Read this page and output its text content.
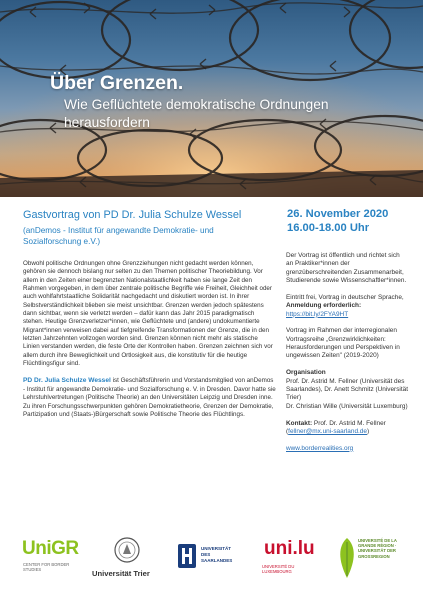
Über Grenzen.
Wie Geflüchtete demokratische Ordnungen herausfordern
Gastvortrag von PD Dr. Julia Schulze Wessel
(anDemos - Institut für angewandte Demokratie- und Sozialforschung e.V.)
26. November 2020
16.00-18.00 Uhr

Obwohl politische Ordnungen ohne Grenzziehungen nicht gedacht werden können, gehören sie dennoch bislang nur selten zu den Themen politischer Theoriebildung. Vor allem in den Zeiten einer begrenzten Nationalstaatlichkeit haben sie lange Zeit den Rahmen vorgegeben, in dem über zentrale politische Begriffe wie Freiheit, Gleichheit oder auch wohlfahrtstaatliche Solidarität nachgedacht und diskutiert worden ist. In ihrer Selbstverständlichkeit blieben sie meist unsichtbar. Grenzen werden jedoch spätestens dann sichtbar, wenn sie verletzt werden – dafür kann das Jahr 2015 paradigmatisch stehen. Heutige Grenzverletzer*innen, wie Geflüchtete und (andere) undokumentierte Migrant*innen verweisen dabei auf tiefgreifende Transformationen der Grenze, die in den letzten Jahrzehnten vollzogen worden sind. Grenzen können nicht mehr als statische Linien verstanden werden, die feste Orte der Kontrollen haben. Grenzen zeichnen sich vor allem durch ihre Beweglichkeit und Ortlosigkeit aus, die konstitutiv für die heutige Flüchtlingsfigur sind.

PD Dr. Julia Schulze Wessel ist Geschäftsführerin und Vorstandsmitglied von anDemos - Institut für angewandte Demokratie- und Sozialforschung e. V. in Dresden. Davor hatte sie Lehrstuhlvertretungen (Politische Theorie) an den Universitäten Leipzig und Dresden inne. Zu ihren Forschungsschwerpunkten gehören Demokratietheorie, Grenzen der Demokratie, Partizipation und (Staats-)Bürgerschaft sowie Politische Theorie des Flüchtlings.

Der Vortrag ist öffentlich und richtet sich an Praktiker*innen der grenzüberschreitenden Zusammenarbeit, Studierende sowie Wissenschaftler*innen.
Eintritt frei, Vortrag in deutscher Sprache, Anmeldung erforderlich:
https://bit.ly/2FYA9HT
Vortrag im Rahmen der interregionalen Vortragsreihe „Grenzwirklichkeiten: Herausforderungen und Perspektiven in ungewissen Zeiten" (2019-2020)
Organisation
Prof. Dr. Astrid M. Fellner (Universität des Saarlandes), Dr. Anett Schmitz (Universität Trier)
Dr. Christian Wille (Universität Luxemburg)
Kontakt: Prof. Dr. Astrid M. Fellner
(fellner@mx.uni-saarland.de)
www.borderrealities.org
UniGR
CENTER FOR BORDER STUDIES	Universität Trier
UNIVERSITÄT DES SAARLANDES
uni.lu
UNIVERSITÉ DU LUXEMBOURG
UNIVERSITÉ DE LA GRANDE RÉGION · UNIVERSITÄT DER GROSSREGION
